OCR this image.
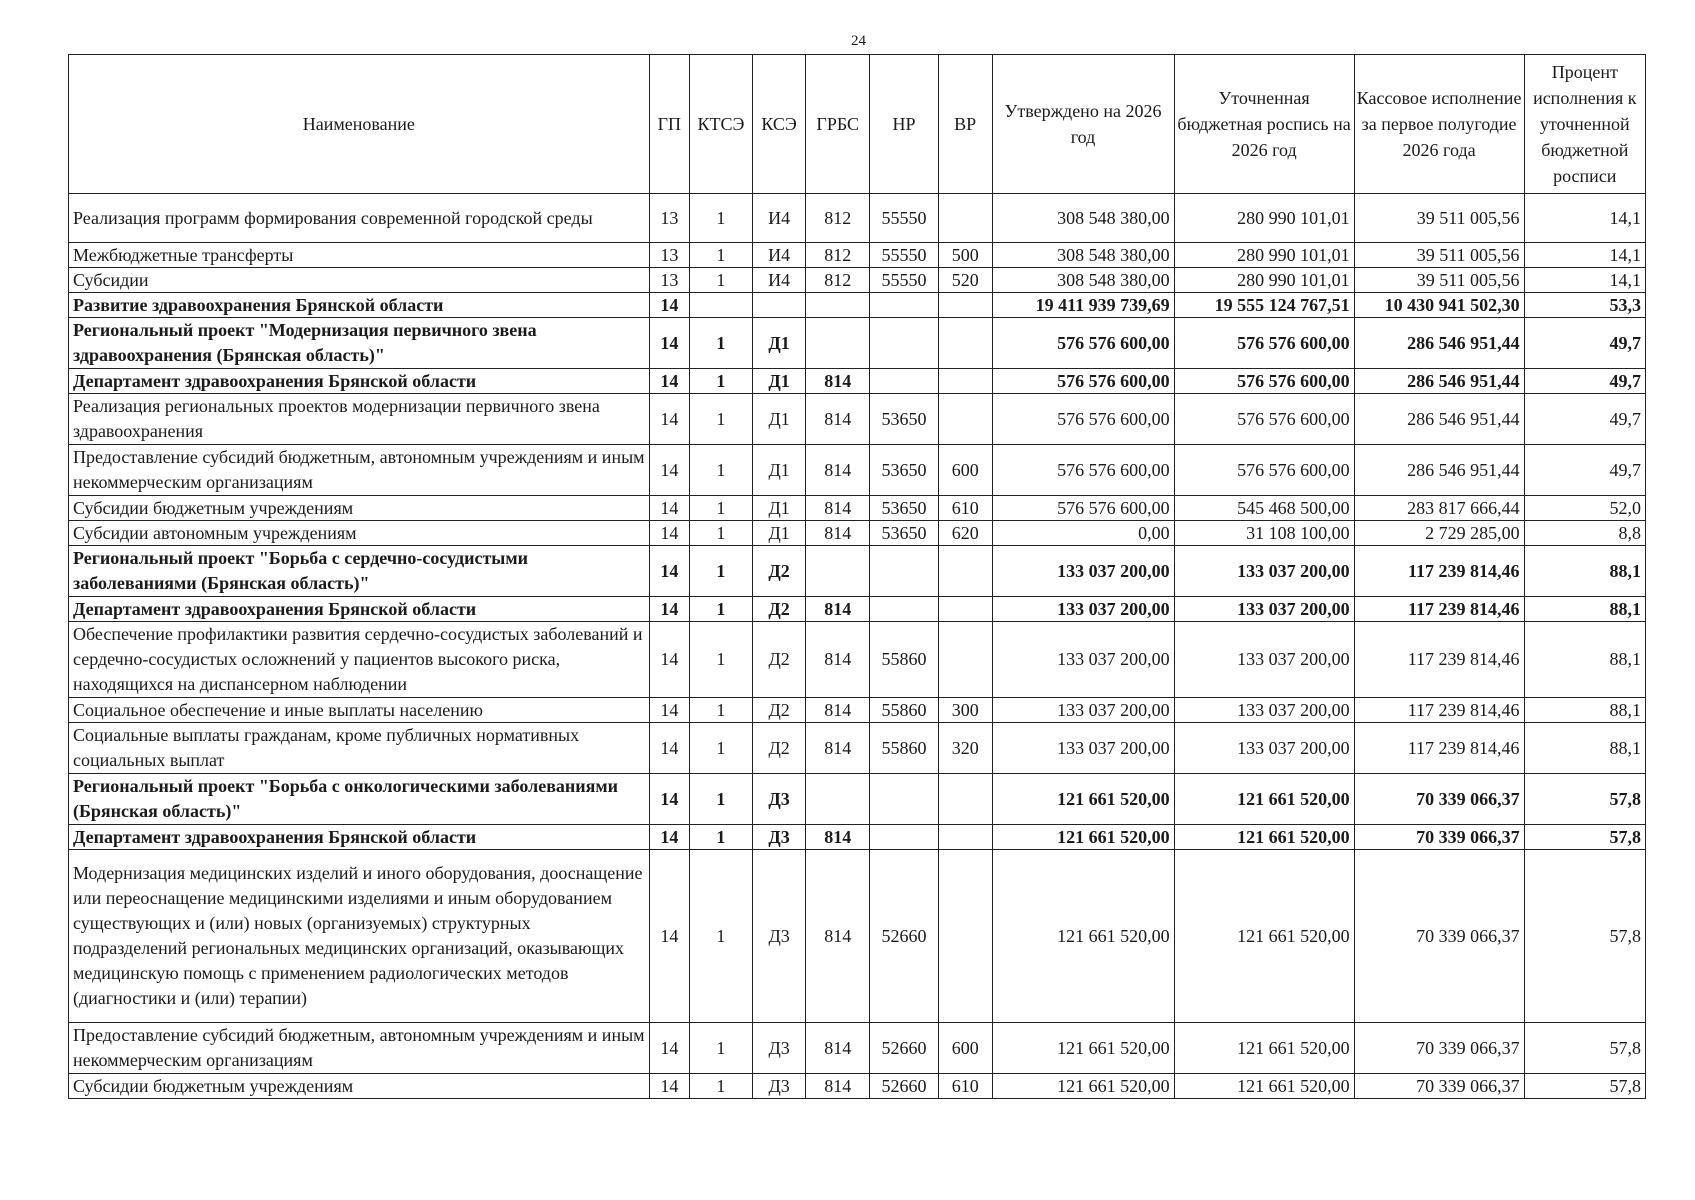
24
Наименование	ГП	КТСЭ	КСЭ	ГРБС	НР	ВР	Утверждено на 2026 год	Уточненная бюджетная роспись на 2026 год	Кассовое исполнение за первое полугодие 2026 года	Процент исполнения к уточненной бюджетной росписи
Реализация программ формирования современной городской среды	13	1	И4	812	55550		308 548 380,00	280 990 101,01	39 511 005,56	14,1
Межбюджетные трансферты	13	1	И4	812	55550	500	308 548 380,00	280 990 101,01	39 511 005,56	14,1
Субсидии	13	1	И4	812	55550	520	308 548 380,00	280 990 101,01	39 511 005,56	14,1
Развитие здравоохранения Брянской области	14						19 411 939 739,69	19 555 124 767,51	10 430 941 502,30	53,3
Региональный проект "Модернизация первичного звена здравоохранения (Брянская область)"	14	1	Д1				576 576 600,00	576 576 600,00	286 546 951,44	49,7
Департамент здравоохранения Брянской области	14	1	Д1	814			576 576 600,00	576 576 600,00	286 546 951,44	49,7
Реализация региональных проектов модернизации первичного звена здравоохранения	14	1	Д1	814	53650		576 576 600,00	576 576 600,00	286 546 951,44	49,7
Предоставление субсидий бюджетным, автономным учреждениям и иным некоммерческим организациям	14	1	Д1	814	53650	600	576 576 600,00	576 576 600,00	286 546 951,44	49,7
Субсидии бюджетным учреждениям	14	1	Д1	814	53650	610	576 576 600,00	545 468 500,00	283 817 666,44	52,0
Субсидии автономным учреждениям	14	1	Д1	814	53650	620	0,00	31 108 100,00	2 729 285,00	8,8
Региональный проект "Борьба с сердечно-сосудистыми заболеваниями (Брянская область)"	14	1	Д2				133 037 200,00	133 037 200,00	117 239 814,46	88,1
Департамент здравоохранения Брянской области	14	1	Д2	814			133 037 200,00	133 037 200,00	117 239 814,46	88,1
Обеспечение профилактики развития сердечно-сосудистых заболеваний и сердечно-сосудистых осложнений у пациентов высокого риска, находящихся на диспансерном наблюдении	14	1	Д2	814	55860		133 037 200,00	133 037 200,00	117 239 814,46	88,1
Социальное обеспечение и иные выплаты населению	14	1	Д2	814	55860	300	133 037 200,00	133 037 200,00	117 239 814,46	88,1
Социальные выплаты гражданам, кроме публичных нормативных социальных выплат	14	1	Д2	814	55860	320	133 037 200,00	133 037 200,00	117 239 814,46	88,1
Региональный проект "Борьба с онкологическими заболеваниями (Брянская область)"	14	1	Д3				121 661 520,00	121 661 520,00	70 339 066,37	57,8
Департамент здравоохранения Брянской области	14	1	Д3	814			121 661 520,00	121 661 520,00	70 339 066,37	57,8
Модернизация медицинских изделий и иного оборудования, дооснащение или переоснащение медицинскими изделиями и иным оборудованием существующих и (или) новых (организуемых) структурных подразделений региональных медицинских организаций, оказывающих медицинскую помощь с применением радиологических методов (диагностики и (или) терапии)	14	1	Д3	814	52660		121 661 520,00	121 661 520,00	70 339 066,37	57,8
Предоставление субсидий бюджетным, автономным учреждениям и иным некоммерческим организациям	14	1	Д3	814	52660	600	121 661 520,00	121 661 520,00	70 339 066,37	57,8
Субсидии бюджетным учреждениям	14	1	Д3	814	52660	610	121 661 520,00	121 661 520,00	70 339 066,37	57,8
